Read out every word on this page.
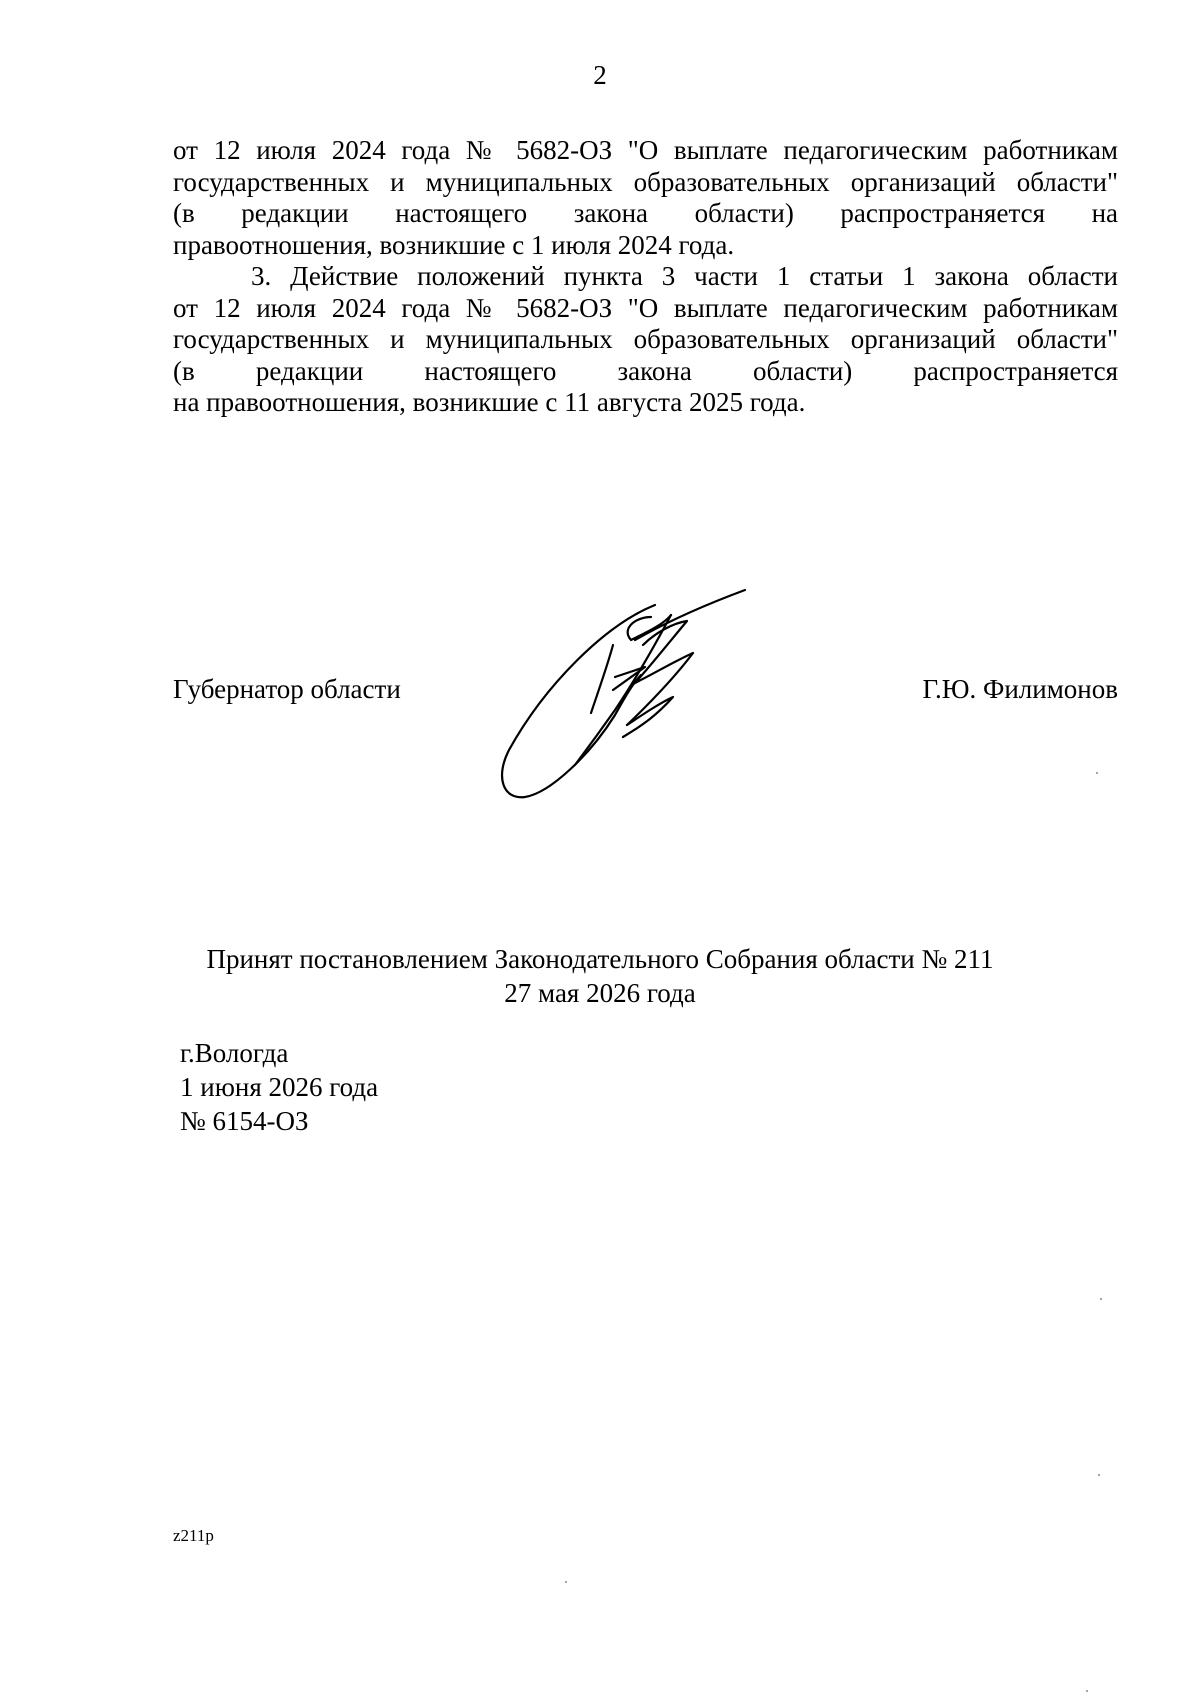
2

от 12 июля 2024 года № 5682-ОЗ "О выплате педагогическим работникам

государственных и муниципальных образовательных организаций области"

(в редакции настоящего закона области) распространяется на

правоотношения, возникшие с 1 июля 2024 года.

3. Действие положений пункта 3 части 1 статьи 1 закона области

от 12 июля 2024 года № 5682-ОЗ "О выплате педагогическим работникам

государственных и муниципальных образовательных организаций области"

(в редакции настоящего закона области) распространяется

на правоотношения, возникшие с 11 августа 2025 года.

Губернатор области	Г.Ю. Филимонов
Принят постановлением Законодательного Собрания области № 211
27 мая 2026 года
г.Вологда
1 июня 2026 года
№ 6154-ОЗ
z211p
